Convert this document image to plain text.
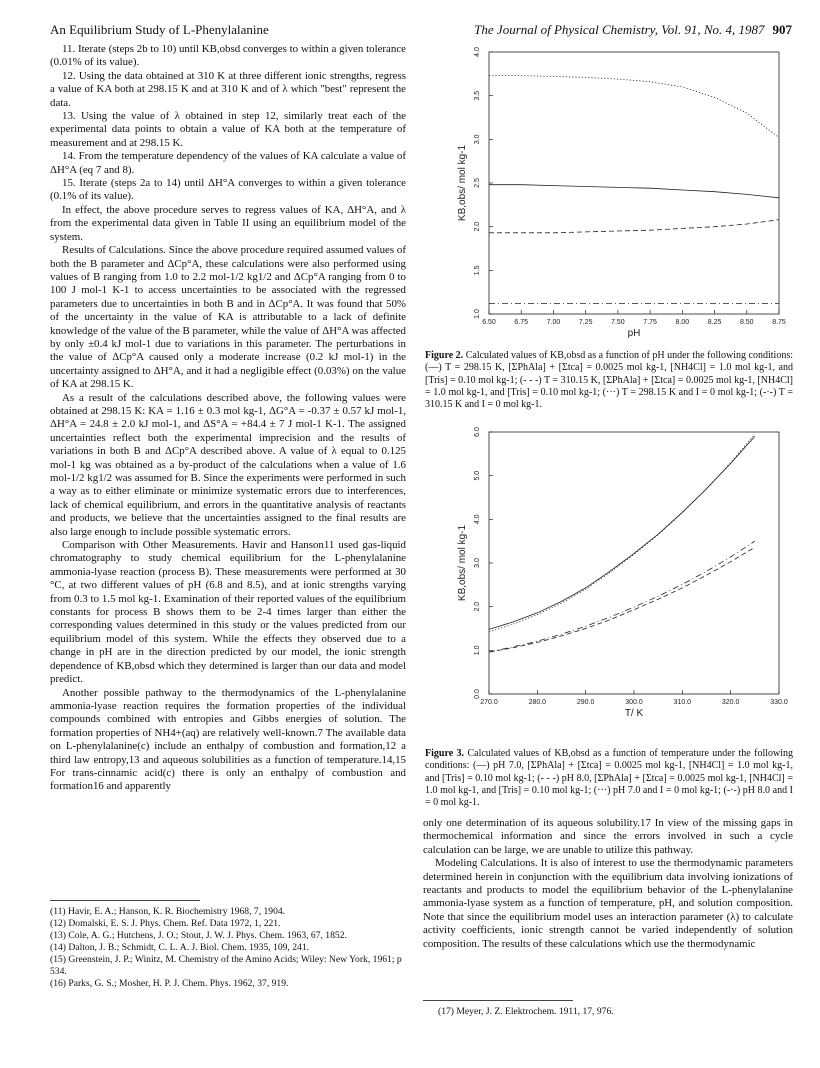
An Equilibrium Study of L-Phenylalanine	The Journal of Physical Chemistry, Vol. 91, No. 4, 1987 907

11. Iterate (steps 2b to 10) until KB,obsd converges to within a given tolerance (0.01% of its value).

12. Using the data obtained at 310 K at three different ionic strengths, regress a value of KA both at 298.15 K and at 310 K and of λ which "best" represent the data.

13. Using the value of λ obtained in step 12, similarly treat each of the experimental data points to obtain a value of KA both at the temperature of measurement and at 298.15 K.

14. From the temperature dependency of the values of KA calculate a value of ΔH°A (eq 7 and 8).

15. Iterate (steps 2a to 14) until ΔH°A converges to within a given tolerance (0.1% of its value).

In effect, the above procedure serves to regress values of KA, ΔH°A, and λ from the experimental data given in Table II using an equilibrium model of the system.

Results of Calculations. Since the above procedure required assumed values of both the B parameter and ΔCp°A, these calculations were also performed using values of B ranging from 1.0 to 2.2 mol-1/2 kg1/2 and ΔCp°A ranging from 0 to 100 J mol-1 K-1 to access uncertainties to be associated with the regressed parameters due to uncertainties in both B and in ΔCp°A. It was found that 50% of the uncertainty in the value of KA is attributable to a lack of definite knowledge of the value of the B parameter, while the value of ΔH°A was affected by only ±0.4 kJ mol-1 due to variations in this parameter. The perturbations in the value of ΔCp°A caused only a moderate increase (0.2 kJ mol-1) in the uncertainty assigned to ΔH°A, and it had a negligible effect (0.03%) on the value of KA at 298.15 K.

As a result of the calculations described above, the following values were obtained at 298.15 K: KA = 1.16 ± 0.3 mol kg-1, ΔG°A = -0.37 ± 0.57 kJ mol-1, ΔH°A = 24.8 ± 2.0 kJ mol-1, and ΔS°A = +84.4 ± 7 J mol-1 K-1. The assigned uncertainties reflect both the experimental imprecision and the results of variations in both B and ΔCp°A described above. A value of λ equal to 0.125 mol-1 kg was obtained as a by-product of the calculations when a value of 1.6 mol-1/2 kg1/2 was assumed for B. Since the experiments were performed in such a way as to either eliminate or minimize systematic errors due to interferences, lack of chemical equilibrium, and errors in the quantitative analysis of reactants and products, we believe that the uncertainties assigned to the final results are also large enough to include possible systematic errors.

Comparison with Other Measurements. Havir and Hanson11 used gas-liquid chromatography to study chemical equilibrium for the L-phenylalanine ammonia-lyase reaction (process B). These measurements were performed at 30 °C, at two different values of pH (6.8 and 8.5), and at ionic strengths varying from 0.3 to 1.5 mol kg-1. Examination of their reported values of the equilibrium constants for process B shows them to be 2-4 times larger than either the corresponding values determined in this study or the values predicted from our equilibrium model of this system. While the effects they observed due to a change in pH are in the direction predicted by our model, the ionic strength dependence of KB,obsd which they determined is larger than our data and model predict.

Another possible pathway to the thermodynamics of the L-phenylalanine ammonia-lyase reaction requires the formation properties of the individual compounds combined with entropies and Gibbs energies of solution. The formation properties of NH4+(aq) are relatively well-known.7 The available data on L-phenylalanine(c) include an enthalpy of combustion and formation,12 a third law entropy,13 and aqueous solubilities as a function of temperature.14,15 For trans-cinnamic acid(c) there is only an enthalpy of combustion and formation16 and apparently

6.50	6.75	7.00	7.25	7.50	7.75	8.00	8.25	8.50	8.75
1.0
1.5
2.0
2.5
3.0
3.5
4.0
pH
KB,obs/ mol kg-1
Figure 2. Calculated values of KB,obsd as a function of pH under the following conditions: (—) T = 298.15 K, [ΣPhAla] + [Σtca] = 0.0025 mol kg-1, [NH4Cl] = 1.0 mol kg-1, and [Tris] = 0.10 mol kg-1; (- - -) T = 310.15 K, [ΣPhAla] + [Σtca] = 0.0025 mol kg-1, [NH4Cl] = 1.0 mol kg-1, and [Tris] = 0.10 mol kg-1; (···) T = 298.15 K and I = 0 mol kg-1; (-·-) T = 310.15 K and I = 0 mol kg-1.
270.0	280.0	290.0	300.0	310.0	320.0	330.0
0.0
1.0
2.0
3.0
4.0
5.0
6.0
T/ K
KB,obs/ mol kg-1
Figure 3. Calculated values of KB,obsd as a function of temperature under the following conditions: (—) pH 7.0, [ΣPhAla] + [Σtca] = 0.0025 mol kg-1, [NH4Cl] = 1.0 mol kg-1, and [Tris] = 0.10 mol kg-1; (- - -) pH 8.0, [ΣPhAla] + [Σtca] = 0.0025 mol kg-1, [NH4Cl] = 1.0 mol kg-1, and [Tris] = 0.10 mol kg-1; (···) pH 7.0 and I = 0 mol kg-1; (-·-) pH 8.0 and I = 0 mol kg-1.

only one determination of its aqueous solubility.17 In view of the missing gaps in thermochemical information and since the errors involved in such a cycle calculation can be large, we are unable to utilize this pathway.

Modeling Calculations. It is also of interest to use the thermodynamic parameters determined herein in conjunction with the equilibrium data involving ionizations of reactants and products to model the equilibrium behavior of the L-phenylalanine ammonia-lyase system as a function of temperature, pH, and solution composition. Note that since the equilibrium model uses an interaction parameter (λ) to calculate activity coefficients, ionic strength cannot be varied independently of solution composition. The results of these calculations which use the thermodynamic

(11) Havir, E. A.; Hanson, K. R. Biochemistry 1968, 7, 1904.
(12) Domalski, E. S. J. Phys. Chem. Ref. Data 1972, 1, 221.
(13) Cole, A. G.; Hutchens, J. O.; Stout, J. W. J. Phys. Chem. 1963, 67, 1852.
(14) Dalton, J. B.; Schmidt, C. L. A. J. Biol. Chem. 1935, 109, 241.
(15) Greenstein, J. P.; Winitz, M. Chemistry of the Amino Acids; Wiley: New York, 1961; p 534.
(16) Parks, G. S.; Mosher, H. P. J. Chem. Phys. 1962, 37, 919.
(17) Meyer, J. Z. Elektrochem. 1911, 17, 976.
